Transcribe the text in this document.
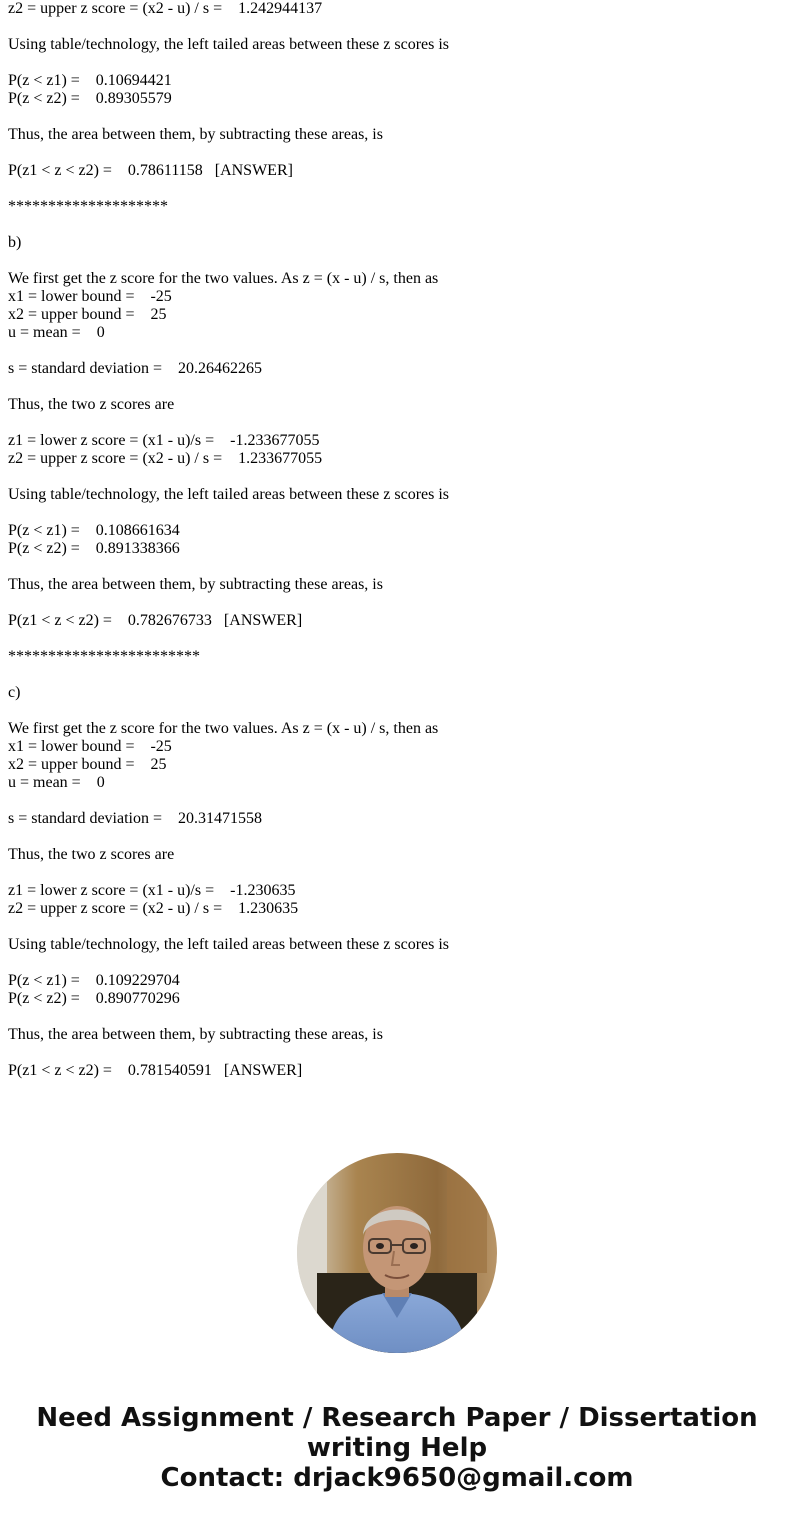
z2 = upper z score = (x2 - u) / s =    1.242944137
Using table/technology, the left tailed areas between these z scores is
P(z < z1) =    0.10694421
P(z < z2) =    0.89305579
Thus, the area between them, by subtracting these areas, is
P(z1 < z < z2) =    0.78611158   [ANSWER]
********************
b)
We first get the z score for the two values. As z = (x - u) / s, then as
x1 = lower bound =    -25
x2 = upper bound =    25
u = mean =    0
s = standard deviation =    20.26462265
Thus, the two z scores are
z1 = lower z score = (x1 - u)/s =    -1.233677055
z2 = upper z score = (x2 - u) / s =    1.233677055
Using table/technology, the left tailed areas between these z scores is
P(z < z1) =    0.108661634
P(z < z2) =    0.891338366
Thus, the area between them, by subtracting these areas, is
P(z1 < z < z2) =    0.782676733   [ANSWER]
************************
c)
We first get the z score for the two values. As z = (x - u) / s, then as
x1 = lower bound =    -25
x2 = upper bound =    25
u = mean =    0
s = standard deviation =    20.31471558
Thus, the two z scores are
z1 = lower z score = (x1 - u)/s =    -1.230635
z2 = upper z score = (x2 - u) / s =    1.230635
Using table/technology, the left tailed areas between these z scores is
P(z < z1) =    0.109229704
P(z < z2) =    0.890770296
Thus, the area between them, by subtracting these areas, is
P(z1 < z < z2) =    0.781540591   [ANSWER]
Need Assignment / Research Paper / Dissertation
writing Help
Contact: drjack9650@gmail.com
